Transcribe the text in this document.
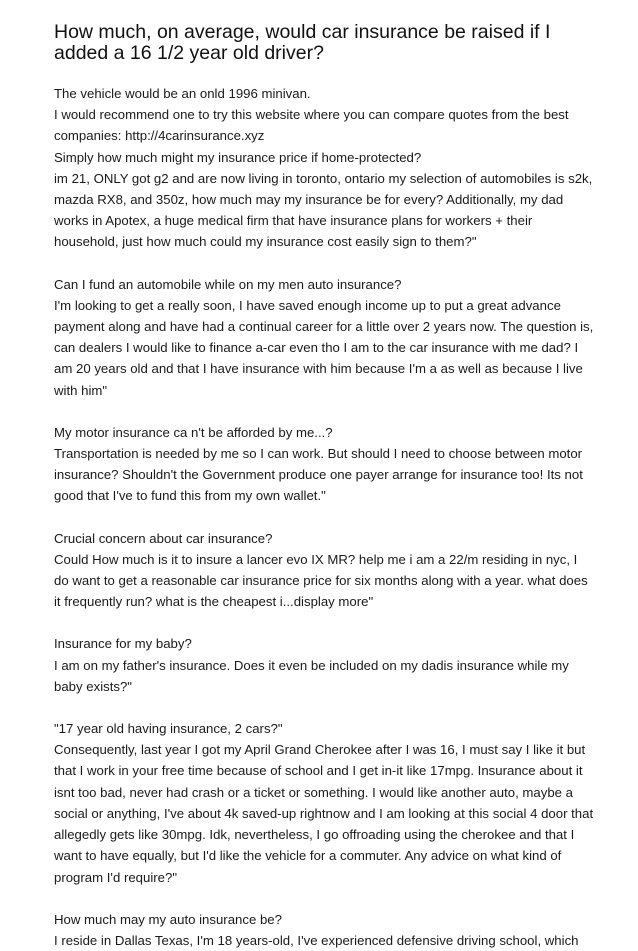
How much, on average, would car insurance be raised if I added a 16 1/2 year old driver?

The vehicle would be an onld 1996 minivan.

I would recommend one to try this website where you can compare quotes from the best companies: http://4carinsurance.xyz

Simply how much might my insurance price if home-protected?

im 21, ONLY got g2 and are now living in toronto, ontario my selection of automobiles is s2k, mazda RX8, and 350z, how much may my insurance be for every? Additionally, my dad works in Apotex, a huge medical firm that have insurance plans for workers + their household, just how much could my insurance cost easily sign to them?"

Can I fund an automobile while on my men auto insurance?

I'm looking to get a really soon, I have saved enough income up to put a great advance payment along and have had a continual career for a little over 2 years now. The question is, can dealers I would like to finance a-car even tho I am to the car insurance with me dad? I am 20 years old and that I have insurance with him because I'm a as well as because I live with him"

My motor insurance ca n't be afforded by me...?

Transportation is needed by me so I can work. But should I need to choose between motor insurance? Shouldn't the Government produce one payer arrange for insurance too! Its not good that I've to fund this from my own wallet."

Crucial concern about car insurance?

Could How much is it to insure a lancer evo IX MR? help me i am a 22/m residing in nyc, I do want to get a reasonable car insurance price for six months along with a year. what does it frequently run? what is the cheapest i...display more"

Insurance for my baby?

I am on my father's insurance. Does it even be included on my dadis insurance while my baby exists?"

"17 year old having insurance, 2 cars?"

Consequently, last year I got my April Grand Cherokee after I was 16, I must say I like it but that I work in your free time because of school and I get in-it like 17mpg. Insurance about it isnt too bad, never had crash or a ticket or something. I would like another auto, maybe a social or anything, I've about 4k saved-up rightnow and I am looking at this social 4 door that allegedly gets like 30mpg. Idk, nevertheless, I go offroading using the cherokee and that I want to have equally, but I'd like the vehicle for a commuter. Any advice on what kind of program I'd require?"

How much may my auto insurance be?

I reside in Dallas Texas, I'm 18 years-old, I've experienced defensive driving school, which
